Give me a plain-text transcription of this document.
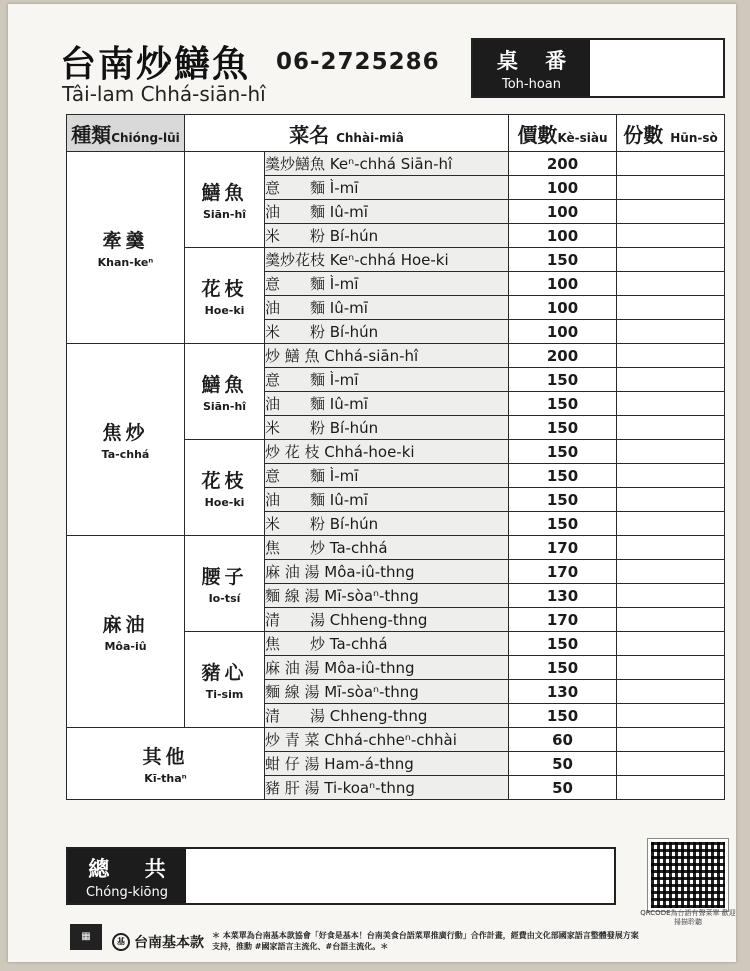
台南炒鱔魚 06-2725286
Tâi-lam Chhá-siān-hî
桌 番
Toh-hoan
種類Chióng-lūi	菜名 Chhài-miâ		價數Kè-siàu	份數 Hūn-sò

牽羹
Khan-keⁿ	鱔魚
Siān-hî	羹炒鱔魚 Keⁿ-chhá Siān-hî	200	
		意　　麵 Ì-mī	100	
		油　　麵 Iû-mī	100	
		米　　粉 Bí-hún	100	

	花枝
Hoe-ki	羹炒花枝 Keⁿ-chhá Hoe-ki	150	
		意　　麵 Ì-mī	100	
		油　　麵 Iû-mī	100	
		米　　粉 Bí-hún	100	

焦炒
Ta-chhá	鱔魚
Siān-hî	炒 鱔 魚 Chhá-siān-hî	200	
		意　　麵 Ì-mī	150	
		油　　麵 Iû-mī	150	
		米　　粉 Bí-hún	150	

	花枝
Hoe-ki	炒 花 枝 Chhá-hoe-ki	150	
		意　　麵 Ì-mī	150	
		油　　麵 Iû-mī	150	
		米　　粉 Bí-hún	150	

麻油
Môa-iû	腰子
Io-tsí	焦　　炒 Ta-chhá	170	
		麻 油 湯 Môa-iû-thng	170	
		麵 線 湯 Mī-sòaⁿ-thng	130	
		清　　湯 Chheng-thng	170	

	豬心
Ti-sim	焦　　炒 Ta-chhá	150	
		麻 油 湯 Môa-iû-thng	150	
		麵 線 湯 Mī-sòaⁿ-thng	130	
		清　　湯 Chheng-thng	150	

其他
Kī-thaⁿ		炒 青 菜 Chhá-chheⁿ-chhài	60	
		蚶 仔 湯 Ham-á-thng	50	
		豬 肝 湯 Ti-koaⁿ-thng	50	
總 共
Chóng-kiōng
QRCODE為台語有聲菜單 歡迎掃描聆聽
▦	基 台南基本款 ＊ 本菜單為台南基本款協會「好食是基本！台南美食台語菜單推廣行動」合作計畫，經費由文化部國家語言整體發展方案支持，推動 #國家語言主流化、#台語主流化。＊
